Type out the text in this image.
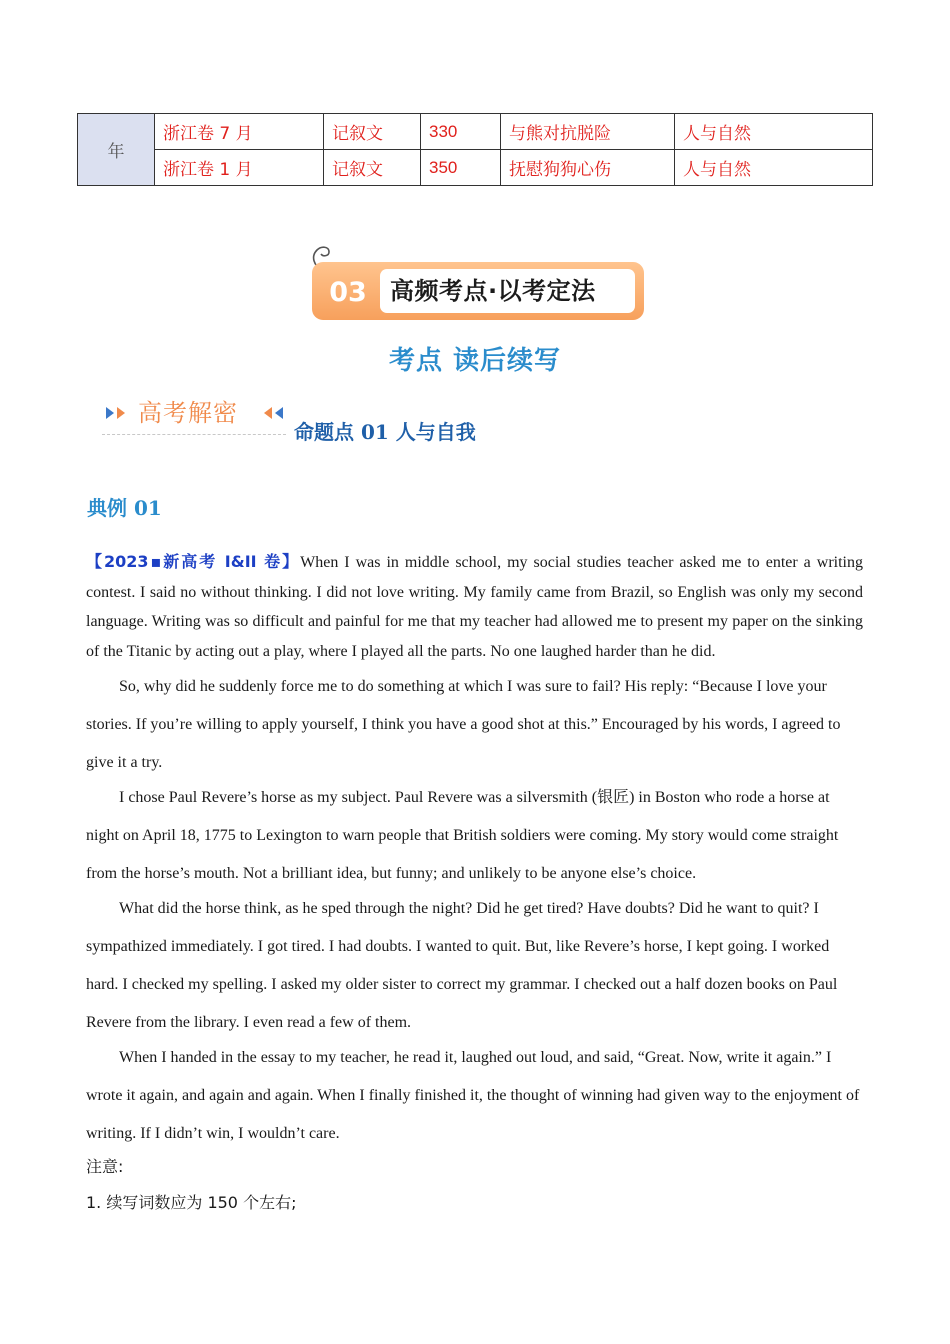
年	浙江卷 7 月	记叙文	330	与熊对抗脱险	人与自然
	浙江卷 1 月	记叙文	350	抚慰狗狗心伤	人与自然
03 高频考点·以考定法
考点 读后续写
高考解密
命题点 01 人与自我
典例 01

【2023▪新高考 I&II 卷】When I was in middle school, my social studies teacher asked me to enter a writing contest. I said no without thinking. I did not love writing. My family came from Brazil, so English was only my second language. Writing was so difficult and painful for me that my teacher had allowed me to present my paper on the sinking of the Titanic by acting out a play, where I played all the parts. No one laughed harder than he did.

So, why did he suddenly force me to do something at which I was sure to fail? His reply: “Because I love your stories. If you’re willing to apply yourself, I think you have a good shot at this.” Encouraged by his words, I agreed to give it a try.

I chose Paul Revere’s horse as my subject. Paul Revere was a silversmith (银匠) in Boston who rode a horse at night on April 18, 1775 to Lexington to warn people that British soldiers were coming. My story would come straight from the horse’s mouth. Not a brilliant idea, but funny; and unlikely to be anyone else’s choice.

What did the horse think, as he sped through the night? Did he get tired? Have doubts? Did he want to quit? I sympathized immediately. I got tired. I had doubts. I wanted to quit. But, like Revere’s horse, I kept going. I worked hard. I checked my spelling. I asked my older sister to correct my grammar. I checked out a half dozen books on Paul Revere from the library. I even read a few of them.

When I handed in the essay to my teacher, he read it, laughed out loud, and said, “Great. Now, write it again.” I wrote it again, and again and again. When I finally finished it, the thought of winning had given way to the enjoyment of writing. If I didn’t win, I wouldn’t care.

注意:
1. 续写词数应为 150 个左右;
